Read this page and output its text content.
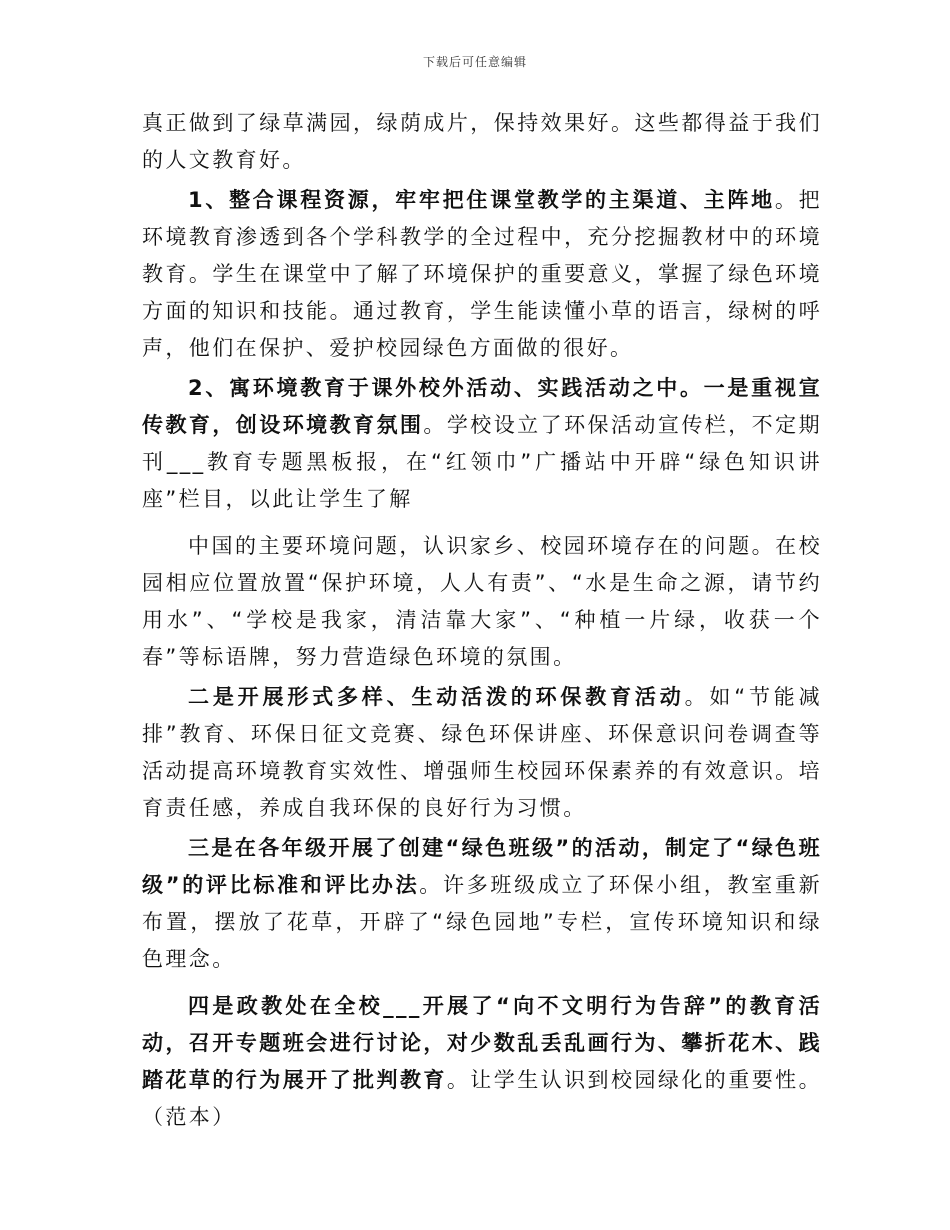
下载后可任意编辑

真正做到了绿草满园，绿荫成片，保持效果好。这些都得益于我们的人文教育好。

1、整合课程资源，牢牢把住课堂教学的主渠道、主阵地。把环境教育渗透到各个学科教学的全过程中，充分挖掘教材中的环境教育。学生在课堂中了解了环境保护的重要意义，掌握了绿色环境方面的知识和技能。通过教育，学生能读懂小草的语言，绿树的呼声，他们在保护、爱护校园绿色方面做的很好。

2、寓环境教育于课外校外活动、实践活动之中。一是重视宣传教育，创设环境教育氛围。学校设立了环保活动宣传栏，不定期刊___教育专题黑板报，在“红领巾”广播站中开辟“绿色知识讲座”栏目，以此让学生了解

中国的主要环境问题，认识家乡、校园环境存在的问题。在校园相应位置放置“保护环境，人人有责”、“水是生命之源，请节约用水”、“学校是我家，清洁靠大家”、“种植一片绿，收获一个春”等标语牌，努力营造绿色环境的氛围。

二是开展形式多样、生动活泼的环保教育活动。如“节能减排”教育、环保日征文竞赛、绿色环保讲座、环保意识问卷调查等活动提高环境教育实效性、增强师生校园环保素养的有效意识。培育责任感，养成自我环保的良好行为习惯。

三是在各年级开展了创建“绿色班级”的活动，制定了“绿色班级”的评比标准和评比办法。许多班级成立了环保小组，教室重新布置，摆放了花草，开辟了“绿色园地”专栏，宣传环境知识和绿色理念。

四是政教处在全校___开展了“向不文明行为告辞”的教育活动，召开专题班会进行讨论，对少数乱丢乱画行为、攀折花木、践踏花草的行为展开了批判教育。让学生认识到校园绿化的重要性。（范本）
